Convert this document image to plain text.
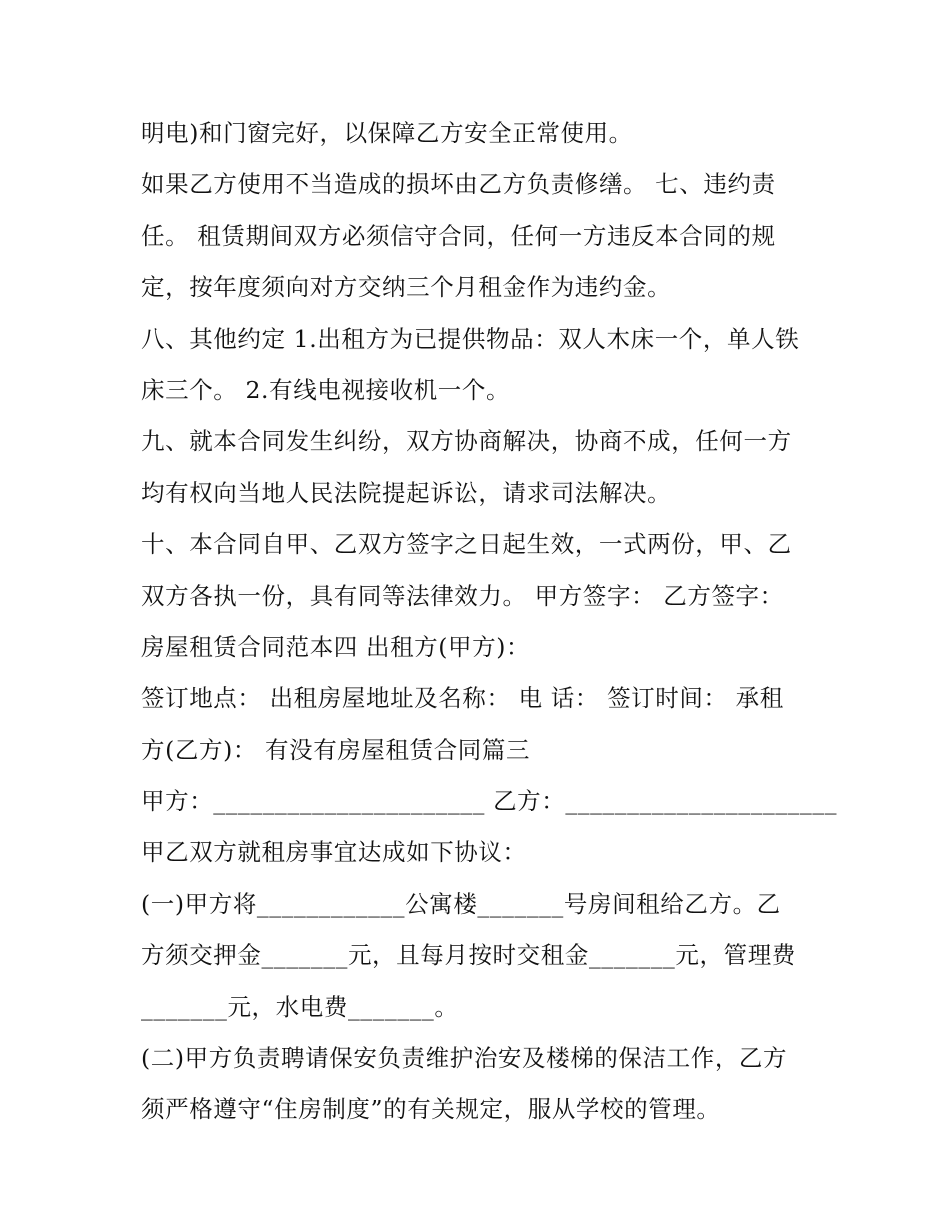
明电)和门窗完好，以保障乙方安全正常使用。
如果乙方使用不当造成的损坏由乙方负责修缮。 七、违约责
任。 租赁期间双方必须信守合同，任何一方违反本合同的规
定，按年度须向对方交纳三个月租金作为违约金。
八、其他约定 1.出租方为已提供物品：双人木床一个，单人铁
床三个。 2.有线电视接收机一个。
九、就本合同发生纠纷，双方协商解决，协商不成，任何一方
均有权向当地人民法院提起诉讼，请求司法解决。
十、本合同自甲、乙双方签字之日起生效，一式两份，甲、乙
双方各执一份，具有同等法律效力。 甲方签字： 乙方签字：
房屋租赁合同范本四 出租方(甲方)：
签订地点： 出租房屋地址及名称： 电 话： 签订时间： 承租
方(乙方)： 有没有房屋租赁合同篇三
甲方：______________________ 乙方：______________________
甲乙双方就租房事宜达成如下协议：
(一)甲方将____________公寓楼_______号房间租给乙方。乙
方须交押金_______元，且每月按时交租金_______元，管理费
_______元，水电费_______。
(二)甲方负责聘请保安负责维护治安及楼梯的保洁工作，乙方
须严格遵守“住房制度”的有关规定，服从学校的管理。
